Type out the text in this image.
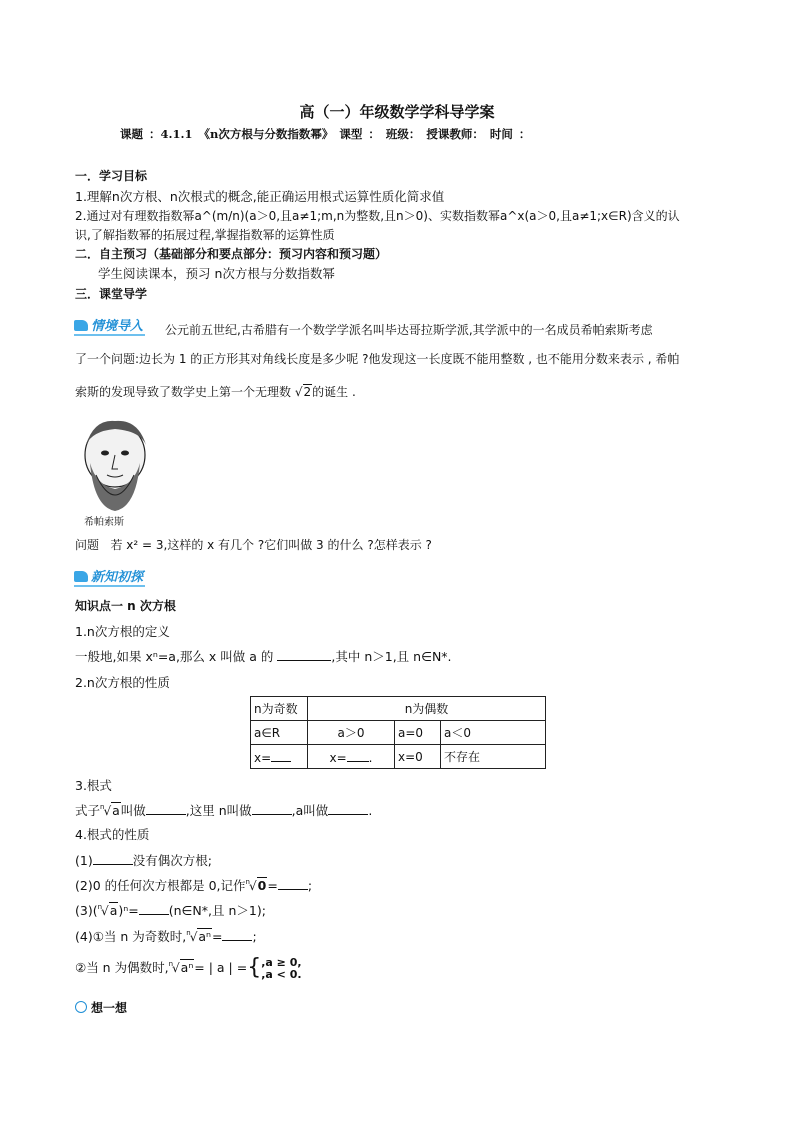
高（一）年级数学学科导学案
课题 ：4.1.1 《n次方根与分数指数幂》 课型 ： 班级： 授课教师： 时间 ：
一．学习目标
1.理解n次方根、n次根式的概念,能正确运用根式运算性质化简求值
2.通过对有理数指数幂a^(m/n)(a＞0,且a≠1;m,n为整数,且n＞0)、实数指数幂a^x(a＞0,且a≠1;x∈R)含义的认
识,了解指数幂的拓展过程,掌握指数幂的运算性质
二．自主预习（基础部分和要点部分：预习内容和预习题）
学生阅读课本，预习 n次方根与分数指数幂
三．课堂导学
情境导入 公元前五世纪,古希腊有一个数学学派名叫毕达哥拉斯学派,其学派中的一名成员希帕索斯考虑
了一个问题:边长为 1 的正方形其对角线长度是多少呢 ?他发现这一长度既不能用整数 , 也不能用分数来表示 , 希帕
索斯的发现导致了数学史上第一个无理数 √2的诞生 .
希帕索斯
问题 若 x² = 3,这样的 x 有几个 ?它们叫做 3 的什么 ?怎样表示 ?
新知初探
知识点一 n 次方根
1.n次方根的定义
一般地,如果 xⁿ=a,那么 x 叫做 a 的	,其中 n＞1,且 n∈N*.
2.n次方根的性质
n为奇数	n为偶数		
a∈R	a＞0	a=0	a＜0
x=	x= .	x=0	不存在
3.根式
式子$^n$√a叫做	,这里 n叫做	,a叫做	.
4.根式的性质
(1)	没有偶次方根;
(2)0 的任何次方根都是 0,记作$^n$√0= ;
(3)($^n$√a)ⁿ= (n∈N*,且 n＞1);
(4)①当 n 为奇数时,$^n$√aⁿ= ;
②当 n 为偶数时,$^n$√aⁿ= | a | ={,a ≥ 0,
,a < 0.
想一想
